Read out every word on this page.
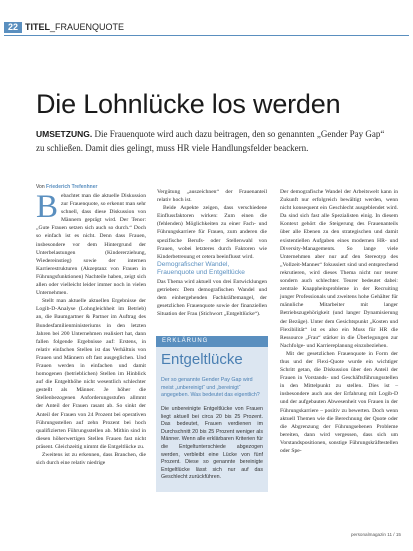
22 TITEL_FRAUENQUOTE
Die Lohnlücke los werden
UMSETZUNG. Die Frauenquote wird auch dazu beitragen, den so genannten „Gender Pay Gap“ zu schließen. Damit dies gelingt, muss HR viele Handlungsfelder beackern.
Von Friederich Trefenhner

Bebachtet man die aktuelle Diskussion zur Frauenquote, so erkennt man sehr schnell, dass diese Diskussion von Männern geprägt wird. Der Tenor: „Gute Frauen setzen sich auch so durch.“ Doch so einfach ist es nicht. Denn dass Frauen, insbesondere vor dem Hintergrund der Unterbelastungen (Kindererziehung, Wiedereinstieg) sowie der internen Karrierestrukturen (Akzeptanz von Frauen in Führungsfunktionen) Nachteile haben, zeigt sich allen oder vielleicht leider immer noch in vielen Unternehmen.

Stellt man aktuelle aktuellen Ergebnisse der Logib-D-Analyse (Lohngleichheit im Betrieb) an, die Baumgartner & Partner im Auftrag des Bundesfamilienministeriums in den letzten Jahren bei 200 Unternehmen realisiert hat, dann fallen folgende Ergebnisse auf: Erstens, in relativ einfachen Stellen ist das Verhältnis von Frauen und Männern oft fast ausgeglichen. Und Frauen werden in einfachen und damit homogenen (betrieblichen) Stellen im Hinblick auf die Entgelthöhe nicht wesentlich schlechter gestellt als Männer. Je höher die Stellenbezogenen Anforderungsstufen allmmt der Anteil der Frauen rasant ab. So sinkt der Anteil der Frauen von 24 Prozent bei operativen Führungsstellen auf zehn Prozent bei hoch qualifizierten Führungsstellen ab. Mithin sind in diesen höherwertigen Stellen Frauen fast nicht präsent. Gleichzeitig nimmt die Entgeltlücke zu.

Zweitens ist zu erkennen, dass Branchen, die sich durch eine relativ niedrige

Vergütung „auszeichnen“ der Frauenanteil relativ hoch ist.

Beide Aspekte zeigen, dass verschiedene Einflussfaktoren wirken: Zum einen die (fehlenden) Möglichkeiten zu einer Fach- und Führungskarriere für Frauen, zum anderen die spezifische Berufs- oder Stellenwahl von Frauen, wobei letzteres durch Faktoren wie Kinderbetreuung et cetera beeinflusst wird.

Demografischer Wandel, Frauenquote und Entgeltlücke

Das Thema wird aktuell von drei Entwicklungen getrieben: Dem demografischen Wandel und dem einhergehenden Fachkräftemangel, der gesetzlichen Frauenquote sowie der finanziellen Situation der Frau (Stichwort „Entgeltlücke“).

ERKLÄRUNG
Entgeltlücke
Der so genannte Gender Pay Gap wird meist „unbereinigt“ und „bereinigt“ angegeben. Was bedeutet das eigentlich?
Die unbereinigte Entgeltlücke von Frauen liegt aktuell bei circa 20 bis 25 Prozent. Das bedeutet, Frauen verdienen im Durchschnitt 20 bis 25 Prozent weniger als Männer. Wenn alle erklärbaren Kriterien für die Entgeltunterschiede abgezogen werden, verbleibt eine Lücke von fünf Prozent. Diese so genannte bereinigte Entgeltlücke lässt sich nur auf das Geschlecht zurückführen.

Der demografische Wandel der Arbeitswelt kann in Zukunft nur erfolgreich bewältigt werden, wenn nicht konsequent ein Geschlecht ausgeblendet wird. Da sind sich fast alle Spezialisten einig. In diesem Kontext gehört die Steigerung des Frauenanteils über alle Ebenen zu den strategischen und damit existentiellen Aufgaben eines modernen HR- und Diversity-Managements. So lange viele Unternehmen aber nur auf den Stereotyp des „Vollzeit-Mannes“ fokussiert sind und entsprechend rekrutieren, wird dieses Thema nicht nur teurer sondern auch schlechter. Teurer bedeutet dabei: zentrale Knappheitsprobleme in der Recruiting junger Professionals und zweitens hohe Gehälter für männliche Mitarbeiter mit langer Betriebszugehörigkeit (und langer Dynamisierung der Bezüge). Unter dem Gesichtspunkt „Kosten und Flexibilität“ ist es also ein Muss für HR die Ressource „Frau“ stärker in die Überlegungen zur Nachfolge- und Karriereplanung einzubeziehen.

Mit der gesetzlichen Frauenquote in Form der thus und der Flexi-Quote wurde ein wichtiger Schritt getan, die Diskussion über den Anteil der Frauen in Vorstands- und Geschäftsführungsstellen in den Mittelpunkt zu stellen. Dies ist – insbesondere auch aus der Erfahrung mit Logib-D und der aufgebauten Abwesenheit von Frauen in der Führungskarriere – positiv zu bewerten. Doch wenn aktuell Themen wie die Berechnung der Quote oder die Abgrenzung der Führungsebenen Probleme bereiten, dann wird vergessen, dass sich um Vorstandspositionen, sonstige Führungskräftestellen oder Spe-

personalmagazin 11 / 15
